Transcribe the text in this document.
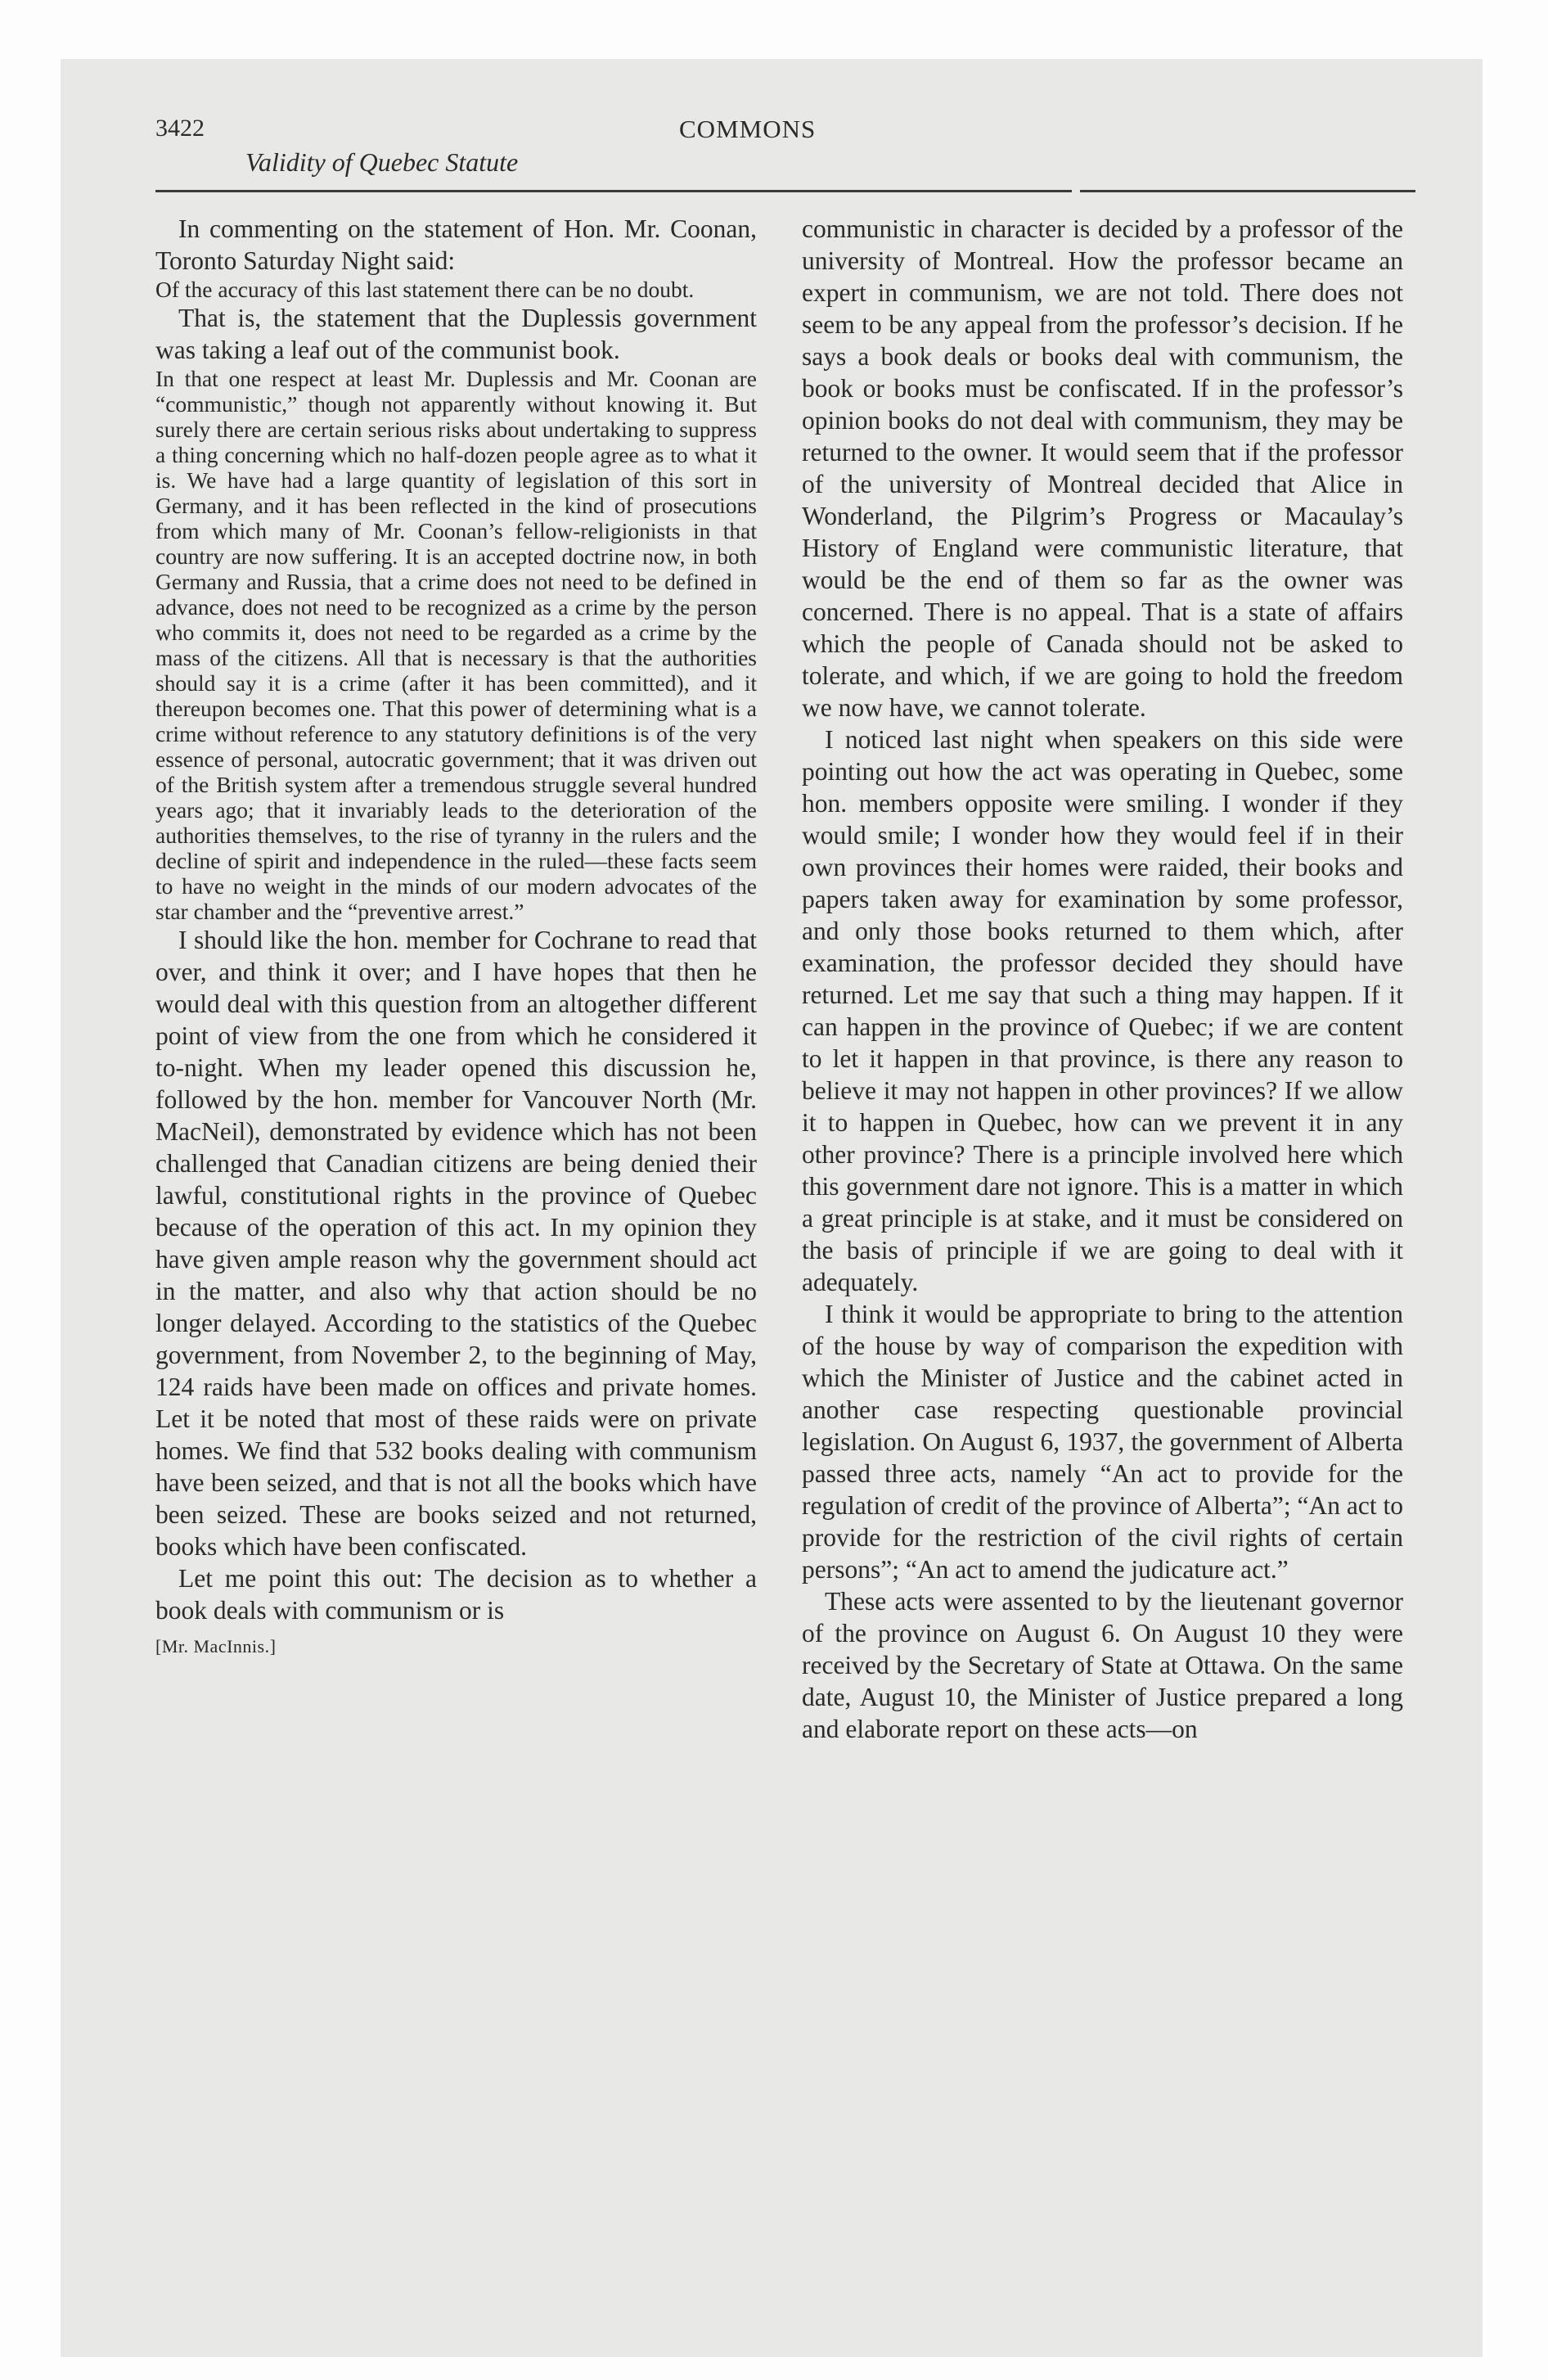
3422	COMMONS
Validity of Quebec Statute

In commenting on the statement of Hon. Mr. Coonan, Toronto Saturday Night said:

Of the accuracy of this last statement there can be no doubt.

That is, the statement that the Duplessis government was taking a leaf out of the communist book.

In that one respect at least Mr. Duplessis and Mr. Coonan are “communistic,” though not apparently without knowing it. But surely there are certain serious risks about undertaking to suppress a thing concerning which no half-dozen people agree as to what it is. We have had a large quantity of legislation of this sort in Germany, and it has been reflected in the kind of prosecutions from which many of Mr. Coonan’s fellow-religionists in that country are now suffering. It is an accepted doctrine now, in both Germany and Russia, that a crime does not need to be defined in advance, does not need to be recognized as a crime by the person who commits it, does not need to be regarded as a crime by the mass of the citizens. All that is necessary is that the authorities should say it is a crime (after it has been committed), and it thereupon becomes one. That this power of determining what is a crime without reference to any statutory definitions is of the very essence of personal, autocratic government; that it was driven out of the British system after a tremendous struggle several hundred years ago; that it invariably leads to the deterioration of the authorities themselves, to the rise of tyranny in the rulers and the decline of spirit and independence in the ruled—these facts seem to have no weight in the minds of our modern advocates of the star chamber and the “preventive arrest.”

I should like the hon. member for Cochrane to read that over, and think it over; and I have hopes that then he would deal with this question from an altogether different point of view from the one from which he considered it to-night. When my leader opened this discussion he, followed by the hon. member for Vancouver North (Mr. MacNeil), demonstrated by evidence which has not been challenged that Canadian citizens are being denied their lawful, constitutional rights in the province of Quebec because of the operation of this act. In my opinion they have given ample reason why the government should act in the matter, and also why that action should be no longer delayed. According to the statistics of the Quebec government, from November 2, to the beginning of May, 124 raids have been made on offices and private homes. Let it be noted that most of these raids were on private homes. We find that 532 books dealing with communism have been seized, and that is not all the books which have been seized. These are books seized and not returned, books which have been confiscated.

Let me point this out: The decision as to whether a book deals with communism or is

[Mr. MacInnis.]

communistic in character is decided by a professor of the university of Montreal. How the professor became an expert in communism, we are not told. There does not seem to be any appeal from the professor’s decision. If he says a book deals or books deal with communism, the book or books must be confiscated. If in the professor’s opinion books do not deal with communism, they may be returned to the owner. It would seem that if the professor of the university of Montreal decided that Alice in Wonderland, the Pilgrim’s Progress or Macaulay’s History of England were communistic literature, that would be the end of them so far as the owner was concerned. There is no appeal. That is a state of affairs which the people of Canada should not be asked to tolerate, and which, if we are going to hold the freedom we now have, we cannot tolerate.

I noticed last night when speakers on this side were pointing out how the act was operating in Quebec, some hon. members opposite were smiling. I wonder if they would smile; I wonder how they would feel if in their own provinces their homes were raided, their books and papers taken away for examination by some professor, and only those books returned to them which, after examination, the professor decided they should have returned. Let me say that such a thing may happen. If it can happen in the province of Quebec; if we are content to let it happen in that province, is there any reason to believe it may not happen in other provinces? If we allow it to happen in Quebec, how can we prevent it in any other province? There is a principle involved here which this government dare not ignore. This is a matter in which a great principle is at stake, and it must be considered on the basis of principle if we are going to deal with it adequately.

I think it would be appropriate to bring to the attention of the house by way of comparison the expedition with which the Minister of Justice and the cabinet acted in another case respecting questionable provincial legislation. On August 6, 1937, the government of Alberta passed three acts, namely “An act to provide for the regulation of credit of the province of Alberta”; “An act to provide for the restriction of the civil rights of certain persons”; “An act to amend the judicature act.”

These acts were assented to by the lieutenant governor of the province on August 6. On August 10 they were received by the Secretary of State at Ottawa. On the same date, August 10, the Minister of Justice prepared a long and elaborate report on these acts—on
